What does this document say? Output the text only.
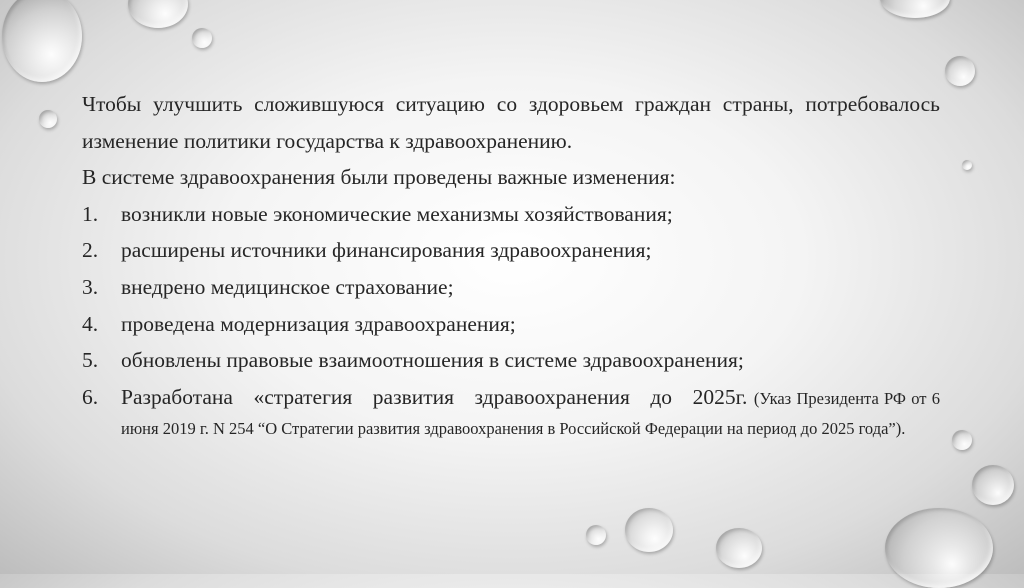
Чтобы улучшить сложившуюся ситуацию со здоровьем граждан страны, потребовалось изменение политики государства к здравоохранению.

В системе здравоохранения были проведены важные изменения:

1. возникли новые экономические механизмы хозяйствования;
2. расширены источники финансирования здравоохранения;
3. внедрено медицинское страхование;
4. проведена модернизация здравоохранения;
5. обновлены правовые взаимоотношения в системе здравоохранения;
6. Разработана «стратегия развития здравоохранения до 2025г. (Указ Президента РФ от 6 июня 2019 г. N 254 “О Стратегии развития здравоохранения в Российской Федерации на период до 2025 года”).
